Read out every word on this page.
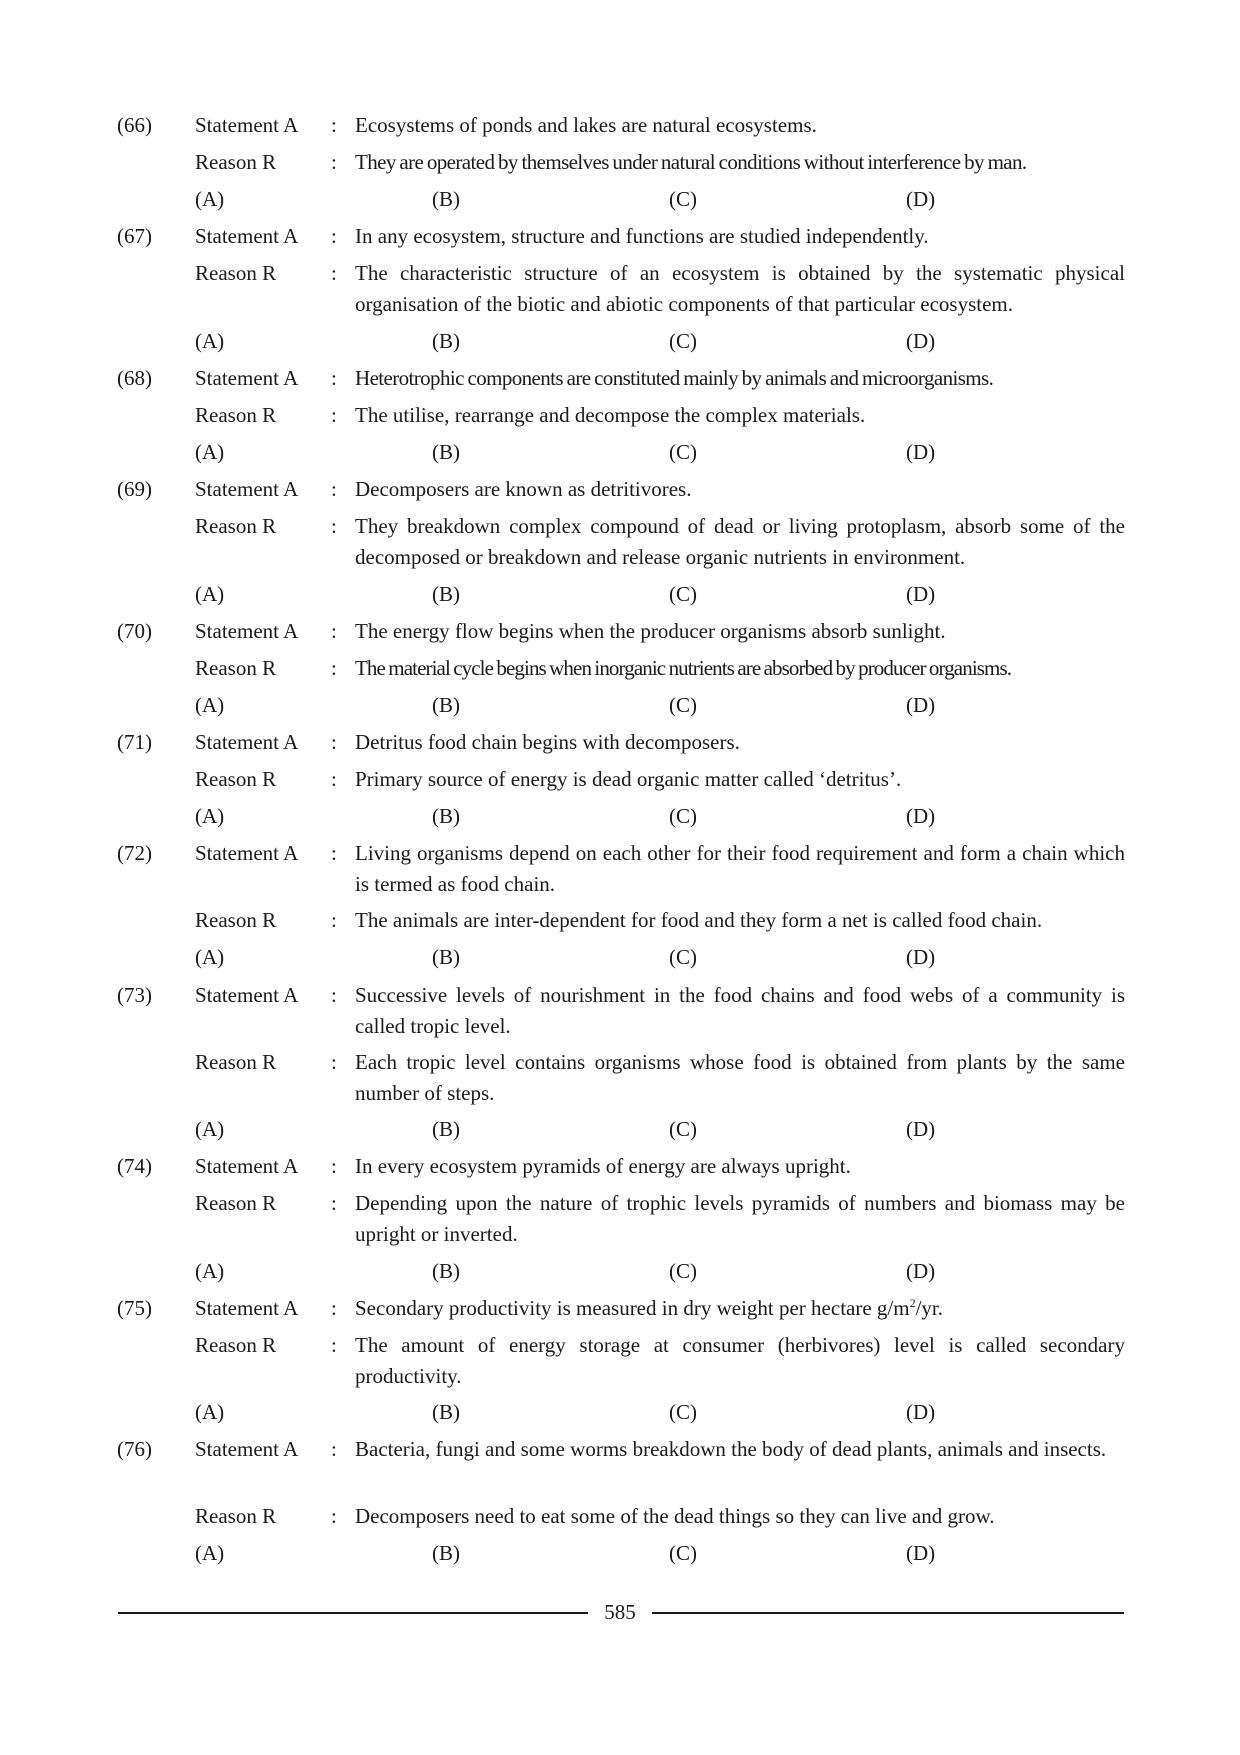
(66)	Statement A	: Ecosystems of ponds and lakes are natural ecosystems.
Reason R	: They are operated by themselves under natural conditions without interference by man.
(A)	(B)	(C)	(D)
(67)	Statement A	: In any ecosystem, structure and functions are studied independently.
Reason R	: The characteristic structure of an ecosystem is obtained by the systematic physical organisation of the biotic and abiotic components of that particular ecosystem.
(A)	(B)	(C)	(D)
(68)	Statement A	: Heterotrophic components are constituted mainly by animals and microorganisms.
Reason R	: The utilise, rearrange and decompose the complex materials.
(A)	(B)	(C)	(D)
(69)	Statement A	: Decomposers are known as detritivores.
Reason R	: They breakdown complex compound of dead or living protoplasm, absorb some of the decomposed or breakdown and release organic nutrients in environment.
(A)	(B)	(C)	(D)
(70)	Statement A	: The energy flow begins when the producer organisms absorb sunlight.
Reason R	: The material cycle begins when inorganic nutrients are absorbed by producer organisms.
(A)	(B)	(C)	(D)
(71)	Statement A	: Detritus food chain begins with decomposers.
Reason R	: Primary source of energy is dead organic matter called ‘detritus’.
(A)	(B)	(C)	(D)
(72)	Statement A	: Living organisms depend on each other for their food requirement and form a chain which is termed as food chain.
Reason R	: The animals are inter-dependent for food and they form a net is called food chain.
(A)	(B)	(C)	(D)
(73)	Statement A	: Successive levels of nourishment in the food chains and food webs of a community is called tropic level.
Reason R	: Each tropic level contains organisms whose food is obtained from plants by the same number of steps.
(A)	(B)	(C)	(D)
(74)	Statement A	: In every ecosystem pyramids of energy are always upright.
Reason R	: Depending upon the nature of trophic levels pyramids of numbers and biomass may be upright or inverted.
(A)	(B)	(C)	(D)
(75)	Statement A	: Secondary productivity is measured in dry weight per hectare $g/m^2/yr$.
Reason R	: The amount of energy storage at consumer (herbivores) level is called secondary productivity.
(A)	(B)	(C)	(D)
(76)	Statement A	: Bacteria, fungi and some worms breakdown the body of dead plants, animals and insects.
Reason R	: Decomposers need to eat some of the dead things so they can live and grow.
(A)	(B)	(C)	(D)
585
